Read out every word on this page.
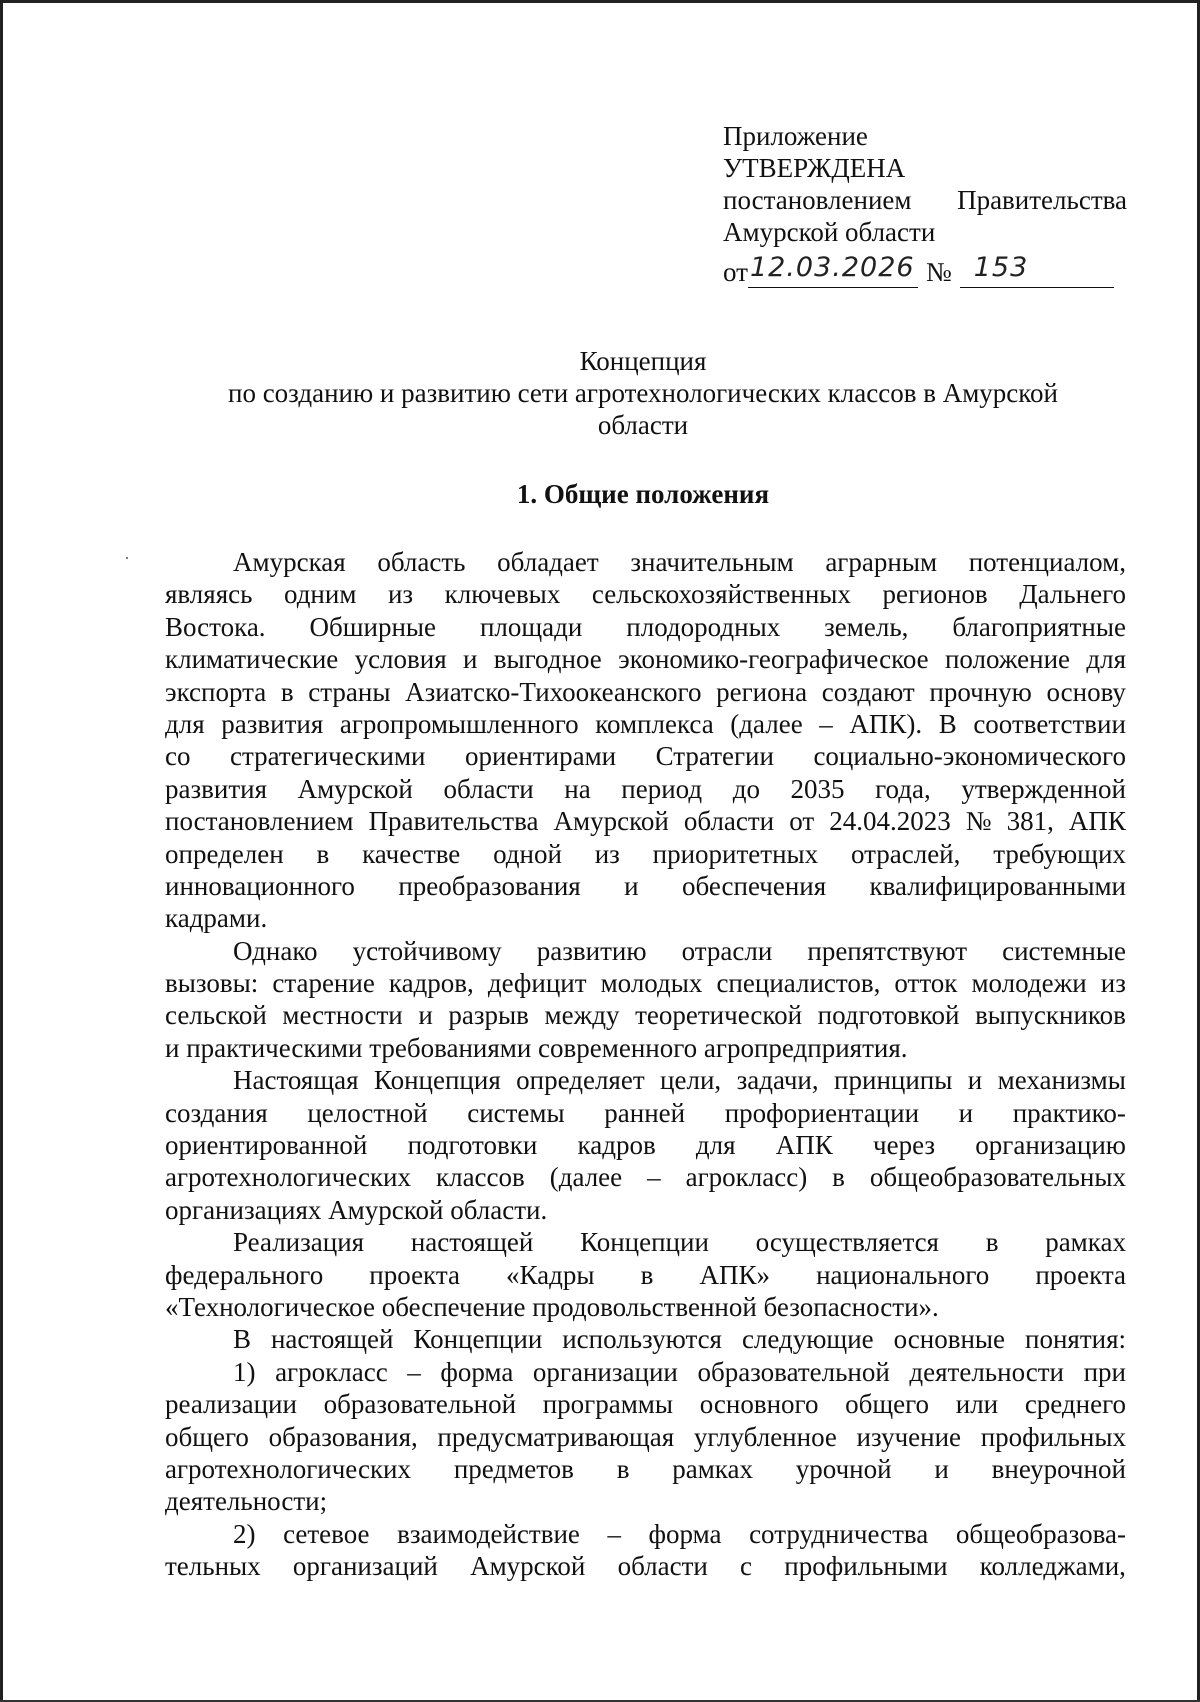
Приложение
УТВЕРЖДЕНА
постановлением Правительства
Амурской области
от 12.03.2026 № 153
Концепция
по созданию и развитию сети агротехнологических классов в Амурской
области
1. Общие положения
Амурская область обладает значительным аграрным потенциалом,
являясь одним из ключевых сельскохозяйственных регионов Дальнего
Востока. Обширные площади плодородных земель, благоприятные
климатические условия и выгодное экономико-географическое положение для
экспорта в страны Азиатско-Тихоокеанского региона создают прочную основу
для развития агропромышленного комплекса (далее – АПК). В соответствии
со стратегическими ориентирами Стратегии социально-экономического
развития Амурской области на период до 2035 года, утвержденной
постановлением Правительства Амурской области от 24.04.2023 № 381, АПК
определен в качестве одной из приоритетных отраслей, требующих
инновационного преобразования и обеспечения квалифицированными
кадрами.
Однако устойчивому развитию отрасли препятствуют системные
вызовы: старение кадров, дефицит молодых специалистов, отток молодежи из
сельской местности и разрыв между теоретической подготовкой выпускников
и практическими требованиями современного агропредприятия.
Настоящая Концепция определяет цели, задачи, принципы и механизмы
создания целостной системы ранней профориентации и практико-
ориентированной подготовки кадров для АПК через организацию
агротехнологических классов (далее – агрокласс) в общеобразовательных
организациях Амурской области.
Реализация настоящей Концепции осуществляется в рамках
федерального проекта «Кадры в АПК» национального проекта
«Технологическое обеспечение продовольственной безопасности».
В настоящей Концепции используются следующие основные понятия:
1) агрокласс – форма организации образовательной деятельности при
реализации образовательной программы основного общего или среднего
общего образования, предусматривающая углубленное изучение профильных
агротехнологических предметов в рамках урочной и внеурочной
деятельности;
2) сетевое взаимодействие – форма сотрудничества общеобразова-
тельных организаций Амурской области с профильными колледжами,
